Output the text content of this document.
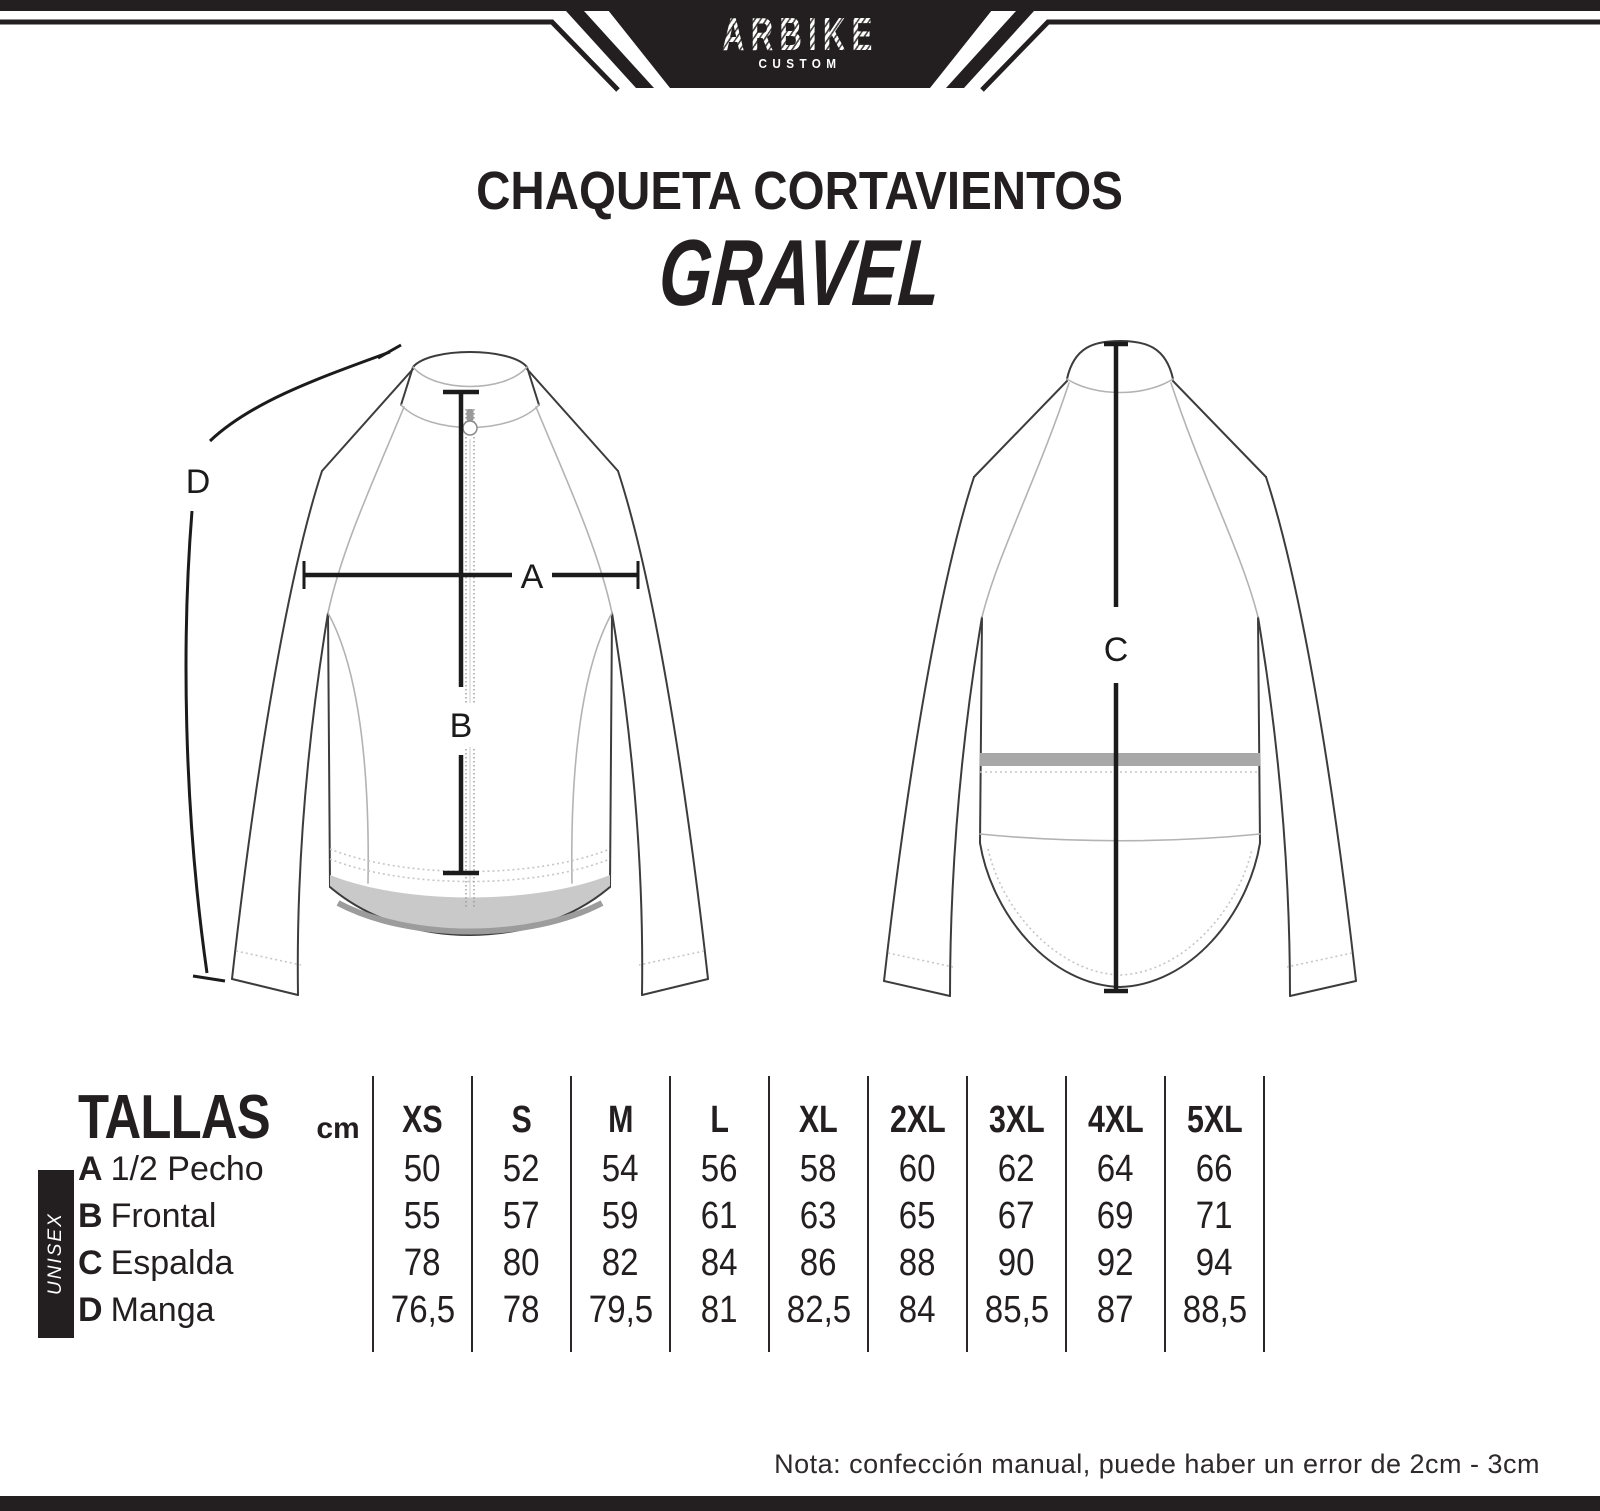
ARBIKE
CUSTOM
CHAQUETA CORTAVIENTOS
GRAVEL
A
B
D
C
UNISEX
TALLAS cm	XS	S	M	L	XL	2XL	3XL	4XL	5XL
A 1/2 Pecho	50	52	54	56	58	60	62	64	66
B Frontal	55	57	59	61	63	65	67	69	71
C Espalda	78	80	82	84	86	88	90	92	94
D Manga	76,5	78	79,5	81	82,5	84	85,5	87	88,5

Nota: confección manual, puede haber un error de 2cm - 3cm
